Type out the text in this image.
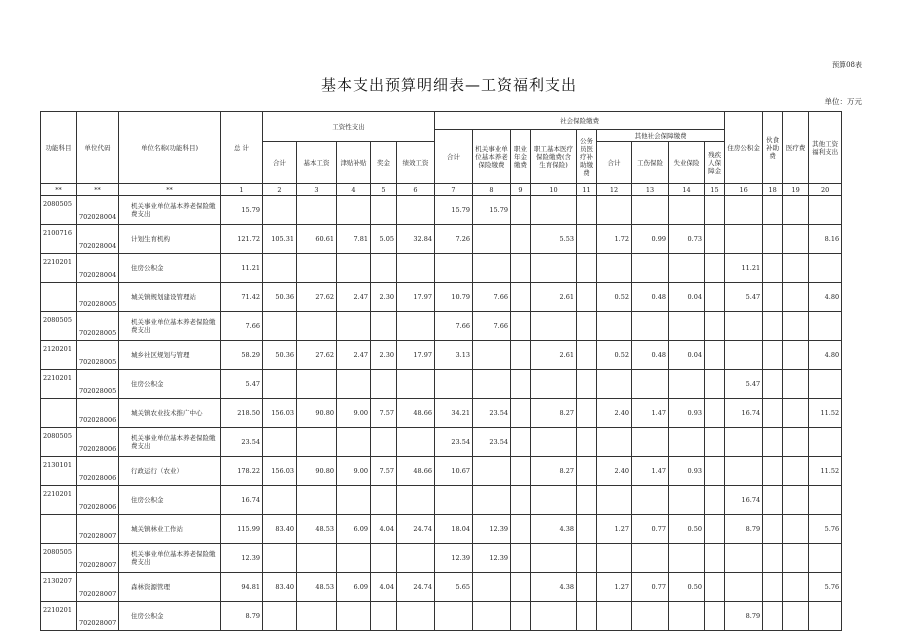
预算08表
基本支出预算明细表—工资福利支出
单位：万元
功能科目	单位代码	单位名称(功能科目)	总 计	工资性支出					社会保险缴费									住房公积金	伙食补助费	医疗费	其他工资福利支出
									合计	机关事业单位基本养老保险缴费	职业年金缴费	职工基本医疗保险缴费(含生育保险)	公务员医疗补助缴费	其他社会保障缴费							
				合计	基本工资	津贴补贴	奖金	绩效工资						合计	工伤保险	失业保险	残疾人保障金				
**	**	**	1	2	3	4	5	6	7	8	9	10	11	12	13	14	15	16	18	19	20
2080505	702028004	机关事业单位基本养老保险缴费支出	15.79						15.79	15.79											
2100716	702028004	计划生育机构	121.72	105.31	60.61	7.81	5.05	32.84	7.26			5.53		1.72	0.99	0.73					8.16
2210201	702028004	住房公积金	11.21															11.21			
	702028005	城关镇规划建设管理站	71.42	50.36	27.62	2.47	2.30	17.97	10.79	7.66		2.61		0.52	0.48	0.04		5.47			4.80
2080505	702028005	机关事业单位基本养老保险缴费支出	7.66						7.66	7.66											
2120201	702028005	城乡社区规划与管理	58.29	50.36	27.62	2.47	2.30	17.97	3.13			2.61		0.52	0.48	0.04					4.80
2210201	702028005	住房公积金	5.47															5.47			
	702028006	城关镇农业技术推广中心	218.50	156.03	90.80	9.00	7.57	48.66	34.21	23.54		8.27		2.40	1.47	0.93		16.74			11.52
2080505	702028006	机关事业单位基本养老保险缴费支出	23.54						23.54	23.54											
2130101	702028006	行政运行（农业）	178.22	156.03	90.80	9.00	7.57	48.66	10.67			8.27		2.40	1.47	0.93					11.52
2210201	702028006	住房公积金	16.74															16.74			
	702028007	城关镇林业工作站	115.99	83.40	48.53	6.09	4.04	24.74	18.04	12.39		4.38		1.27	0.77	0.50		8.79			5.76
2080505	702028007	机关事业单位基本养老保险缴费支出	12.39						12.39	12.39											
2130207	702028007	森林资源管理	94.81	83.40	48.53	6.09	4.04	24.74	5.65			4.38		1.27	0.77	0.50					5.76
2210201	702028007	住房公积金	8.79															8.79			
